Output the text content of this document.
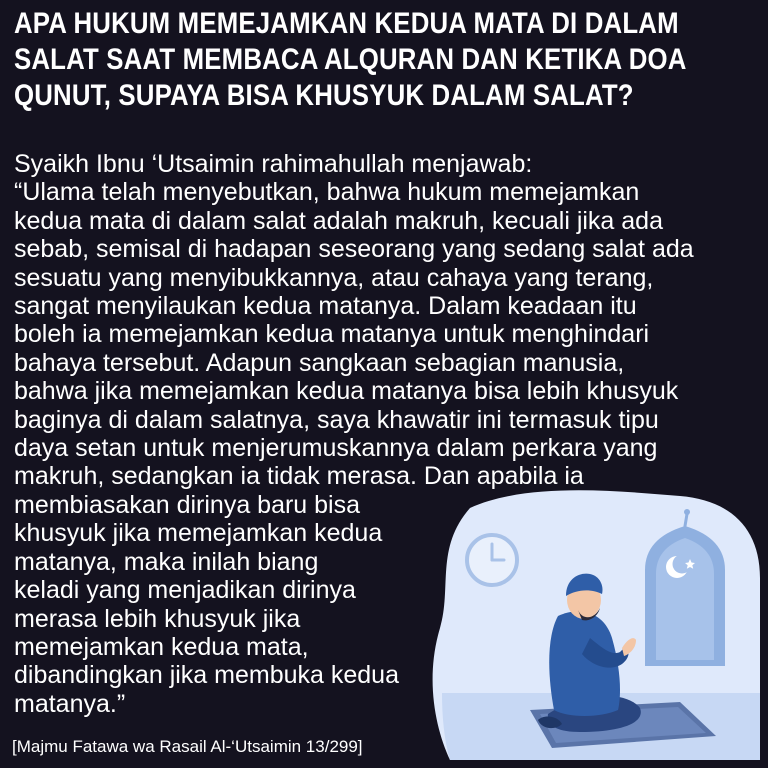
APA HUKUM MEMEJAMKAN KEDUA MATA DI DALAM
SALAT SAAT MEMBACA ALQURAN DAN KETIKA DOA
QUNUT, SUPAYA BISA KHUSYUK DALAM SALAT?
Syaikh Ibnu ‘Utsaimin rahimahullah menjawab:
“Ulama telah menyebutkan, bahwa hukum memejamkan
kedua mata di dalam salat adalah makruh, kecuali jika ada
sebab, semisal di hadapan seseorang yang sedang salat ada
sesuatu yang menyibukkannya, atau cahaya yang terang,
sangat menyilaukan kedua matanya. Dalam keadaan itu
boleh ia memejamkan kedua matanya untuk menghindari
bahaya tersebut. Adapun sangkaan sebagian manusia,
bahwa jika memejamkan kedua matanya bisa lebih khusyuk
baginya di dalam salatnya, saya khawatir ini termasuk tipu
daya setan untuk menjerumuskannya dalam perkara yang
makruh, sedangkan ia tidak merasa. Dan apabila ia
membiasakan dirinya baru bisa
khusyuk jika memejamkan kedua
matanya, maka inilah biang
keladi yang menjadikan dirinya
merasa lebih khusyuk jika
memejamkan kedua mata,
dibandingkan jika membuka kedua
matanya.”
[Majmu Fatawa wa Rasail Al-‘Utsaimin 13/299]
